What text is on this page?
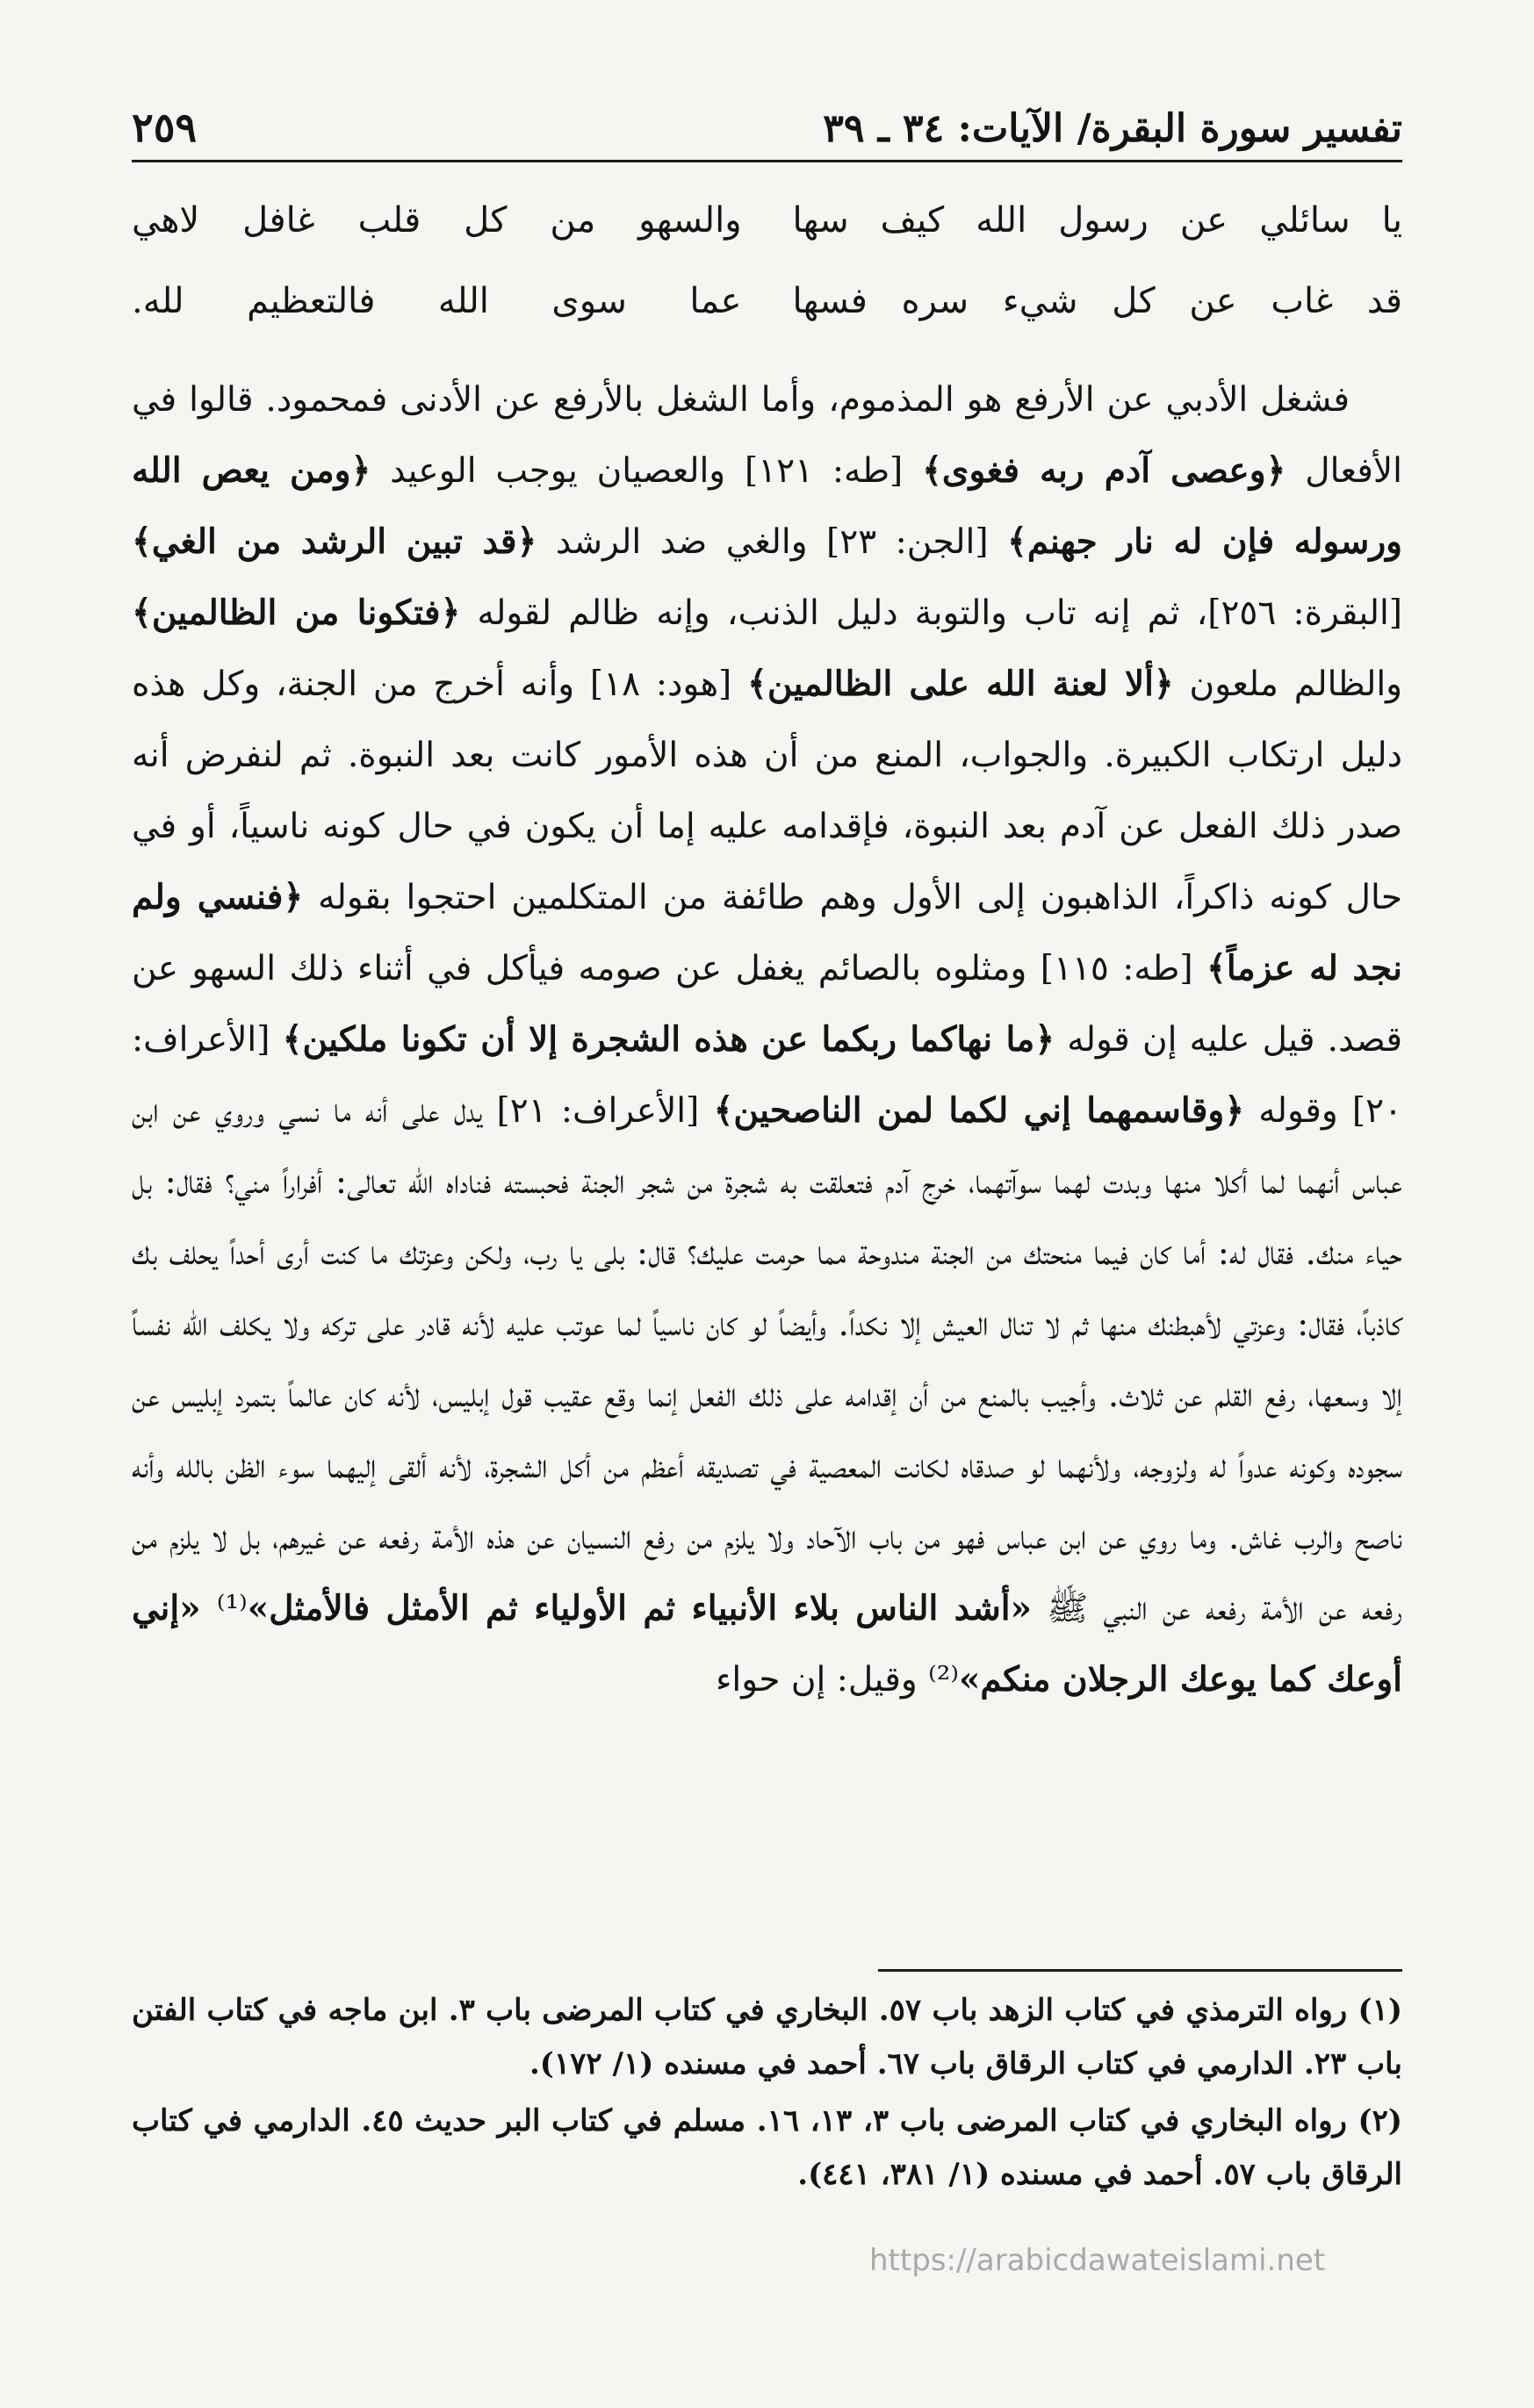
تفسير سورة البقرة/ الآيات: ٣٤ ـ ٣٩
٢٥٩
يا سائلي عن رسول الله كيف سها
والسهو من كل قلب غافل لاهي
قد غاب عن كل شيء سره فسها
عما سوى الله فالتعظيم لله.

فشغل الأدبي عن الأرفع هو المذموم، وأما الشغل بالأرفع عن الأدنى فمحمود. قالوا في الأفعال ﴿وعصى آدم ربه فغوى﴾ [طه: ١٢١] والعصيان يوجب الوعيد ﴿ومن يعص الله ورسوله فإن له نار جهنم﴾ [الجن: ٢٣] والغي ضد الرشد ﴿قد تبين الرشد من الغي﴾ [البقرة: ٢٥٦]، ثم إنه تاب والتوبة دليل الذنب، وإنه ظالم لقوله ﴿فتكونا من الظالمين﴾ والظالم ملعون ﴿ألا لعنة الله على الظالمين﴾ [هود: ١٨] وأنه أخرج من الجنة، وكل هذه دليل ارتكاب الكبيرة. والجواب، المنع من أن هذه الأمور كانت بعد النبوة. ثم لنفرض أنه صدر ذلك الفعل عن آدم بعد النبوة، فإقدامه عليه إما أن يكون في حال كونه ناسياً، أو في حال كونه ذاكراً، الذاهبون إلى الأول وهم طائفة من المتكلمين احتجوا بقوله ﴿فنسي ولم نجد له عزماً﴾ [طه: ١١٥] ومثلوه بالصائم يغفل عن صومه فيأكل في أثناء ذلك السهو عن قصد. قيل عليه إن قوله ﴿ما نهاكما ربكما عن هذه الشجرة إلا أن تكونا ملكين﴾ [الأعراف: ٢٠] وقوله ﴿وقاسمهما إني لكما لمن الناصحين﴾ [الأعراف: ٢١] يدل على أنه ما نسي وروي عن ابن عباس أنهما لما أكلا منها وبدت لهما سوآتهما، خرج آدم فتعلقت به شجرة من شجر الجنة فحبسته فناداه الله تعالى: أفراراً مني؟ فقال: بل حياء منك. فقال له: أما كان فيما منحتك من الجنة مندوحة مما حرمت عليك؟ قال: بلى يا رب، ولكن وعزتك ما كنت أرى أحداً يحلف بك كاذباً، فقال: وعزتي لأهبطنك منها ثم لا تنال العيش إلا نكداً. وأيضاً لو كان ناسياً لما عوتب عليه لأنه قادر على تركه ولا يكلف الله نفساً إلا وسعها، رفع القلم عن ثلاث. وأجيب بالمنع من أن إقدامه على ذلك الفعل إنما وقع عقيب قول إبليس، لأنه كان عالماً بتمرد إبليس عن سجوده وكونه عدواً له ولزوجه، ولأنهما لو صدقاه لكانت المعصية في تصديقه أعظم من أكل الشجرة، لأنه ألقى إليهما سوء الظن بالله وأنه ناصح والرب غاش. وما روي عن ابن عباس فهو من باب الآحاد ولا يلزم من رفع النسيان عن هذه الأمة رفعه عن غيرهم، بل لا يلزم من رفعه عن الأمة رفعه عن النبي ﷺ «أشد الناس بلاء الأنبياء ثم الأولياء ثم الأمثل فالأمثل»⁽¹⁾ «إني أوعك كما يوعك الرجلان منكم»⁽²⁾ وقيل: إن حواء

(١) رواه الترمذي في كتاب الزهد باب ٥٧. البخاري في كتاب المرضى باب ٣. ابن ماجه في كتاب الفتن باب ٢٣. الدارمي في كتاب الرقاق باب ٦٧. أحمد في مسنده (١/ ١٧٢).

(٢) رواه البخاري في كتاب المرضى باب ٣، ١٣، ١٦. مسلم في كتاب البر حديث ٤٥. الدارمي في كتاب الرقاق باب ٥٧. أحمد في مسنده (١/ ٣٨١، ٤٤١).

https://arabicdawateislami.net
